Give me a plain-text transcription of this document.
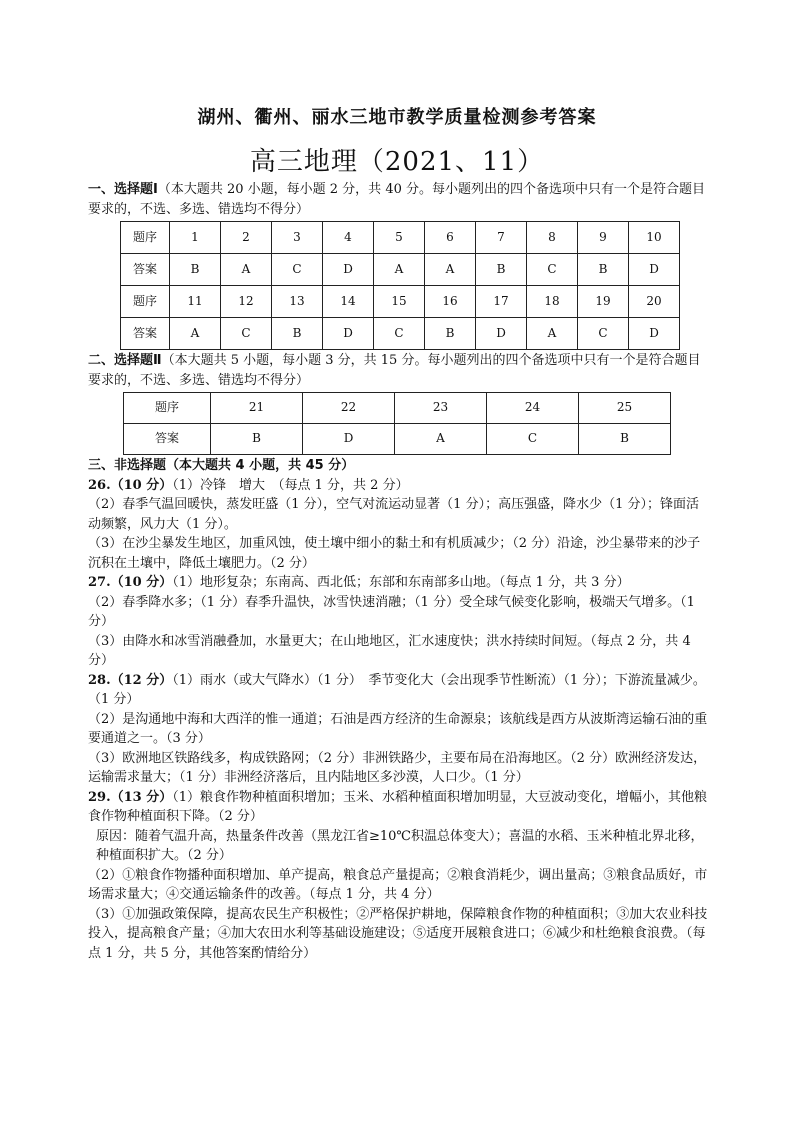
湖州、衢州、丽水三地市教学质量检测参考答案
高三地理（2021、11）

一、选择题Ⅰ（本大题共 20 小题，每小题 2 分，共 40 分。每小题列出的四个备选项中只有一个是符合题目要求的，不选、多选、错选均不得分）

题序	1	2	3	4	5	6	7	8	9	10
答案	B	A	C	D	A	A	B	C	B	D
题序	11	12	13	14	15	16	17	18	19	20
答案	A	C	B	D	C	B	D	A	C	D

二、选择题Ⅱ（本大题共 5 小题，每小题 3 分，共 15 分。每小题列出的四个备选项中只有一个是符合题目要求的，不选、多选、错选均不得分）

题序	21	22	23	24	25
答案	B	D	A	C	B

三、非选择题（本大题共 4 小题，共 45 分）

26.（10 分）（1）冷锋　增大　（每点 1 分，共 2 分）

（2）春季气温回暖快，蒸发旺盛（1 分），空气对流运动显著（1 分）；高压强盛，降水少（1 分）；锋面活动频繁，风力大（1 分）。

（3）在沙尘暴发生地区，加重风蚀，使土壤中细小的黏土和有机质减少；（2 分）沿途，沙尘暴带来的沙子沉积在土壤中，降低土壤肥力。（2 分）

27.（10 分）（1）地形复杂；东南高、西北低；东部和东南部多山地。（每点 1 分，共 3 分）

（2）春季降水多；（1 分）春季升温快，冰雪快速消融；（1 分）受全球气候变化影响，极端天气增多。（1 分）

（3）由降水和冰雪消融叠加，水量更大；在山地地区，汇水速度快；洪水持续时间短。（每点 2 分，共 4 分）

28.（12 分）（1）雨水（或大气降水）（1 分）　季节变化大（会出现季节性断流）（1 分）；下游流量减少。（1 分）

（2）是沟通地中海和大西洋的惟一通道；石油是西方经济的生命源泉；该航线是西方从波斯湾运输石油的重要通道之一。（3 分）

（3）欧洲地区铁路线多，构成铁路网；（2 分）非洲铁路少，主要布局在沿海地区。（2 分）欧洲经济发达，运输需求量大；（1 分）非洲经济落后，且内陆地区多沙漠，人口少。（1 分）

29.（13 分）（1）粮食作物种植面积增加；玉米、水稻种植面积增加明显，大豆波动变化，增幅小，其他粮食作物种植面积下降。（2 分）

原因：随着气温升高，热量条件改善（黑龙江省≥10℃积温总体变大）；喜温的水稻、玉米种植北界北移，种植面积扩大。（2 分）

（2）①粮食作物播种面积增加、单产提高，粮食总产量提高；②粮食消耗少，调出量高；③粮食品质好，市场需求量大；④交通运输条件的改善。（每点 1 分，共 4 分）

（3）①加强政策保障，提高农民生产积极性；②严格保护耕地，保障粮食作物的种植面积；③加大农业科技投入，提高粮食产量；④加大农田水利等基础设施建设；⑤适度开展粮食进口；⑥减少和杜绝粮食浪费。（每点 1 分，共 5 分，其他答案酌情给分）
